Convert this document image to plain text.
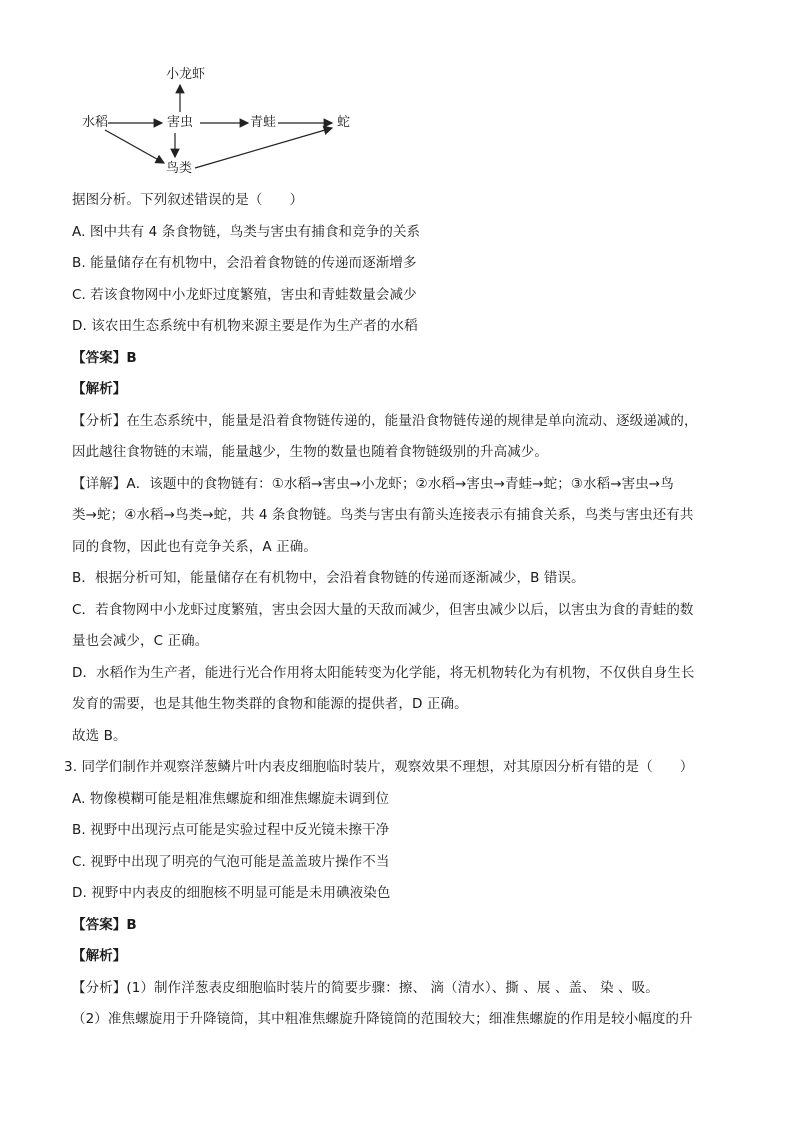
小龙虾
水稻	害虫	青蛙	蛇
鸟类
据图分析。下列叙述错误的是（　　）
A. 图中共有 4 条食物链，鸟类与害虫有捕食和竞争的关系
B. 能量储存在有机物中，会沿着食物链的传递而逐渐增多
C. 若该食物网中小龙虾过度繁殖，害虫和青蛙数量会减少
D. 该农田生态系统中有机物来源主要是作为生产者的水稻
【答案】B
【解析】
【分析】在生态系统中，能量是沿着食物链传递的，能量沿食物链传递的规律是单向流动、逐级递减的，
因此越往食物链的末端，能量越少，生物的数量也随着食物链级别的升高减少。
【详解】A．该题中的食物链有：①水稻→害虫→小龙虾；②水稻→害虫→青蛙→蛇；③水稻→害虫→鸟
类→蛇；④水稻→鸟类→蛇，共 4 条食物链。鸟类与害虫有箭头连接表示有捕食关系，鸟类与害虫还有共
同的食物，因此也有竞争关系，A 正确。
B．根据分析可知，能量储存在有机物中，会沿着食物链的传递而逐渐减少，B 错误。
C．若食物网中小龙虾过度繁殖，害虫会因大量的天敌而减少，但害虫减少以后，以害虫为食的青蛙的数
量也会减少，C 正确。
D．水稻作为生产者，能进行光合作用将太阳能转变为化学能，将无机物转化为有机物，不仅供自身生长
发育的需要，也是其他生物类群的食物和能源的提供者，D 正确。
故选 B。
3. 同学们制作并观察洋葱鳞片叶内表皮细胞临时装片，观察效果不理想，对其原因分析有错的是（　　）
A. 物像模糊可能是粗准焦螺旋和细准焦螺旋未调到位
B. 视野中出现污点可能是实验过程中反光镜未擦干净
C. 视野中出现了明亮的气泡可能是盖盖玻片操作不当
D. 视野中内表皮的细胞核不明显可能是未用碘液染色
【答案】B
【解析】
【分析】(1）制作洋葱表皮细胞临时装片的简要步骤：擦、 滴（清水）、撕 、展 、盖、 染 、吸。
（2）准焦螺旋用于升降镜筒，其中粗准焦螺旋升降镜筒的范围较大；细准焦螺旋的作用是较小幅度的升
